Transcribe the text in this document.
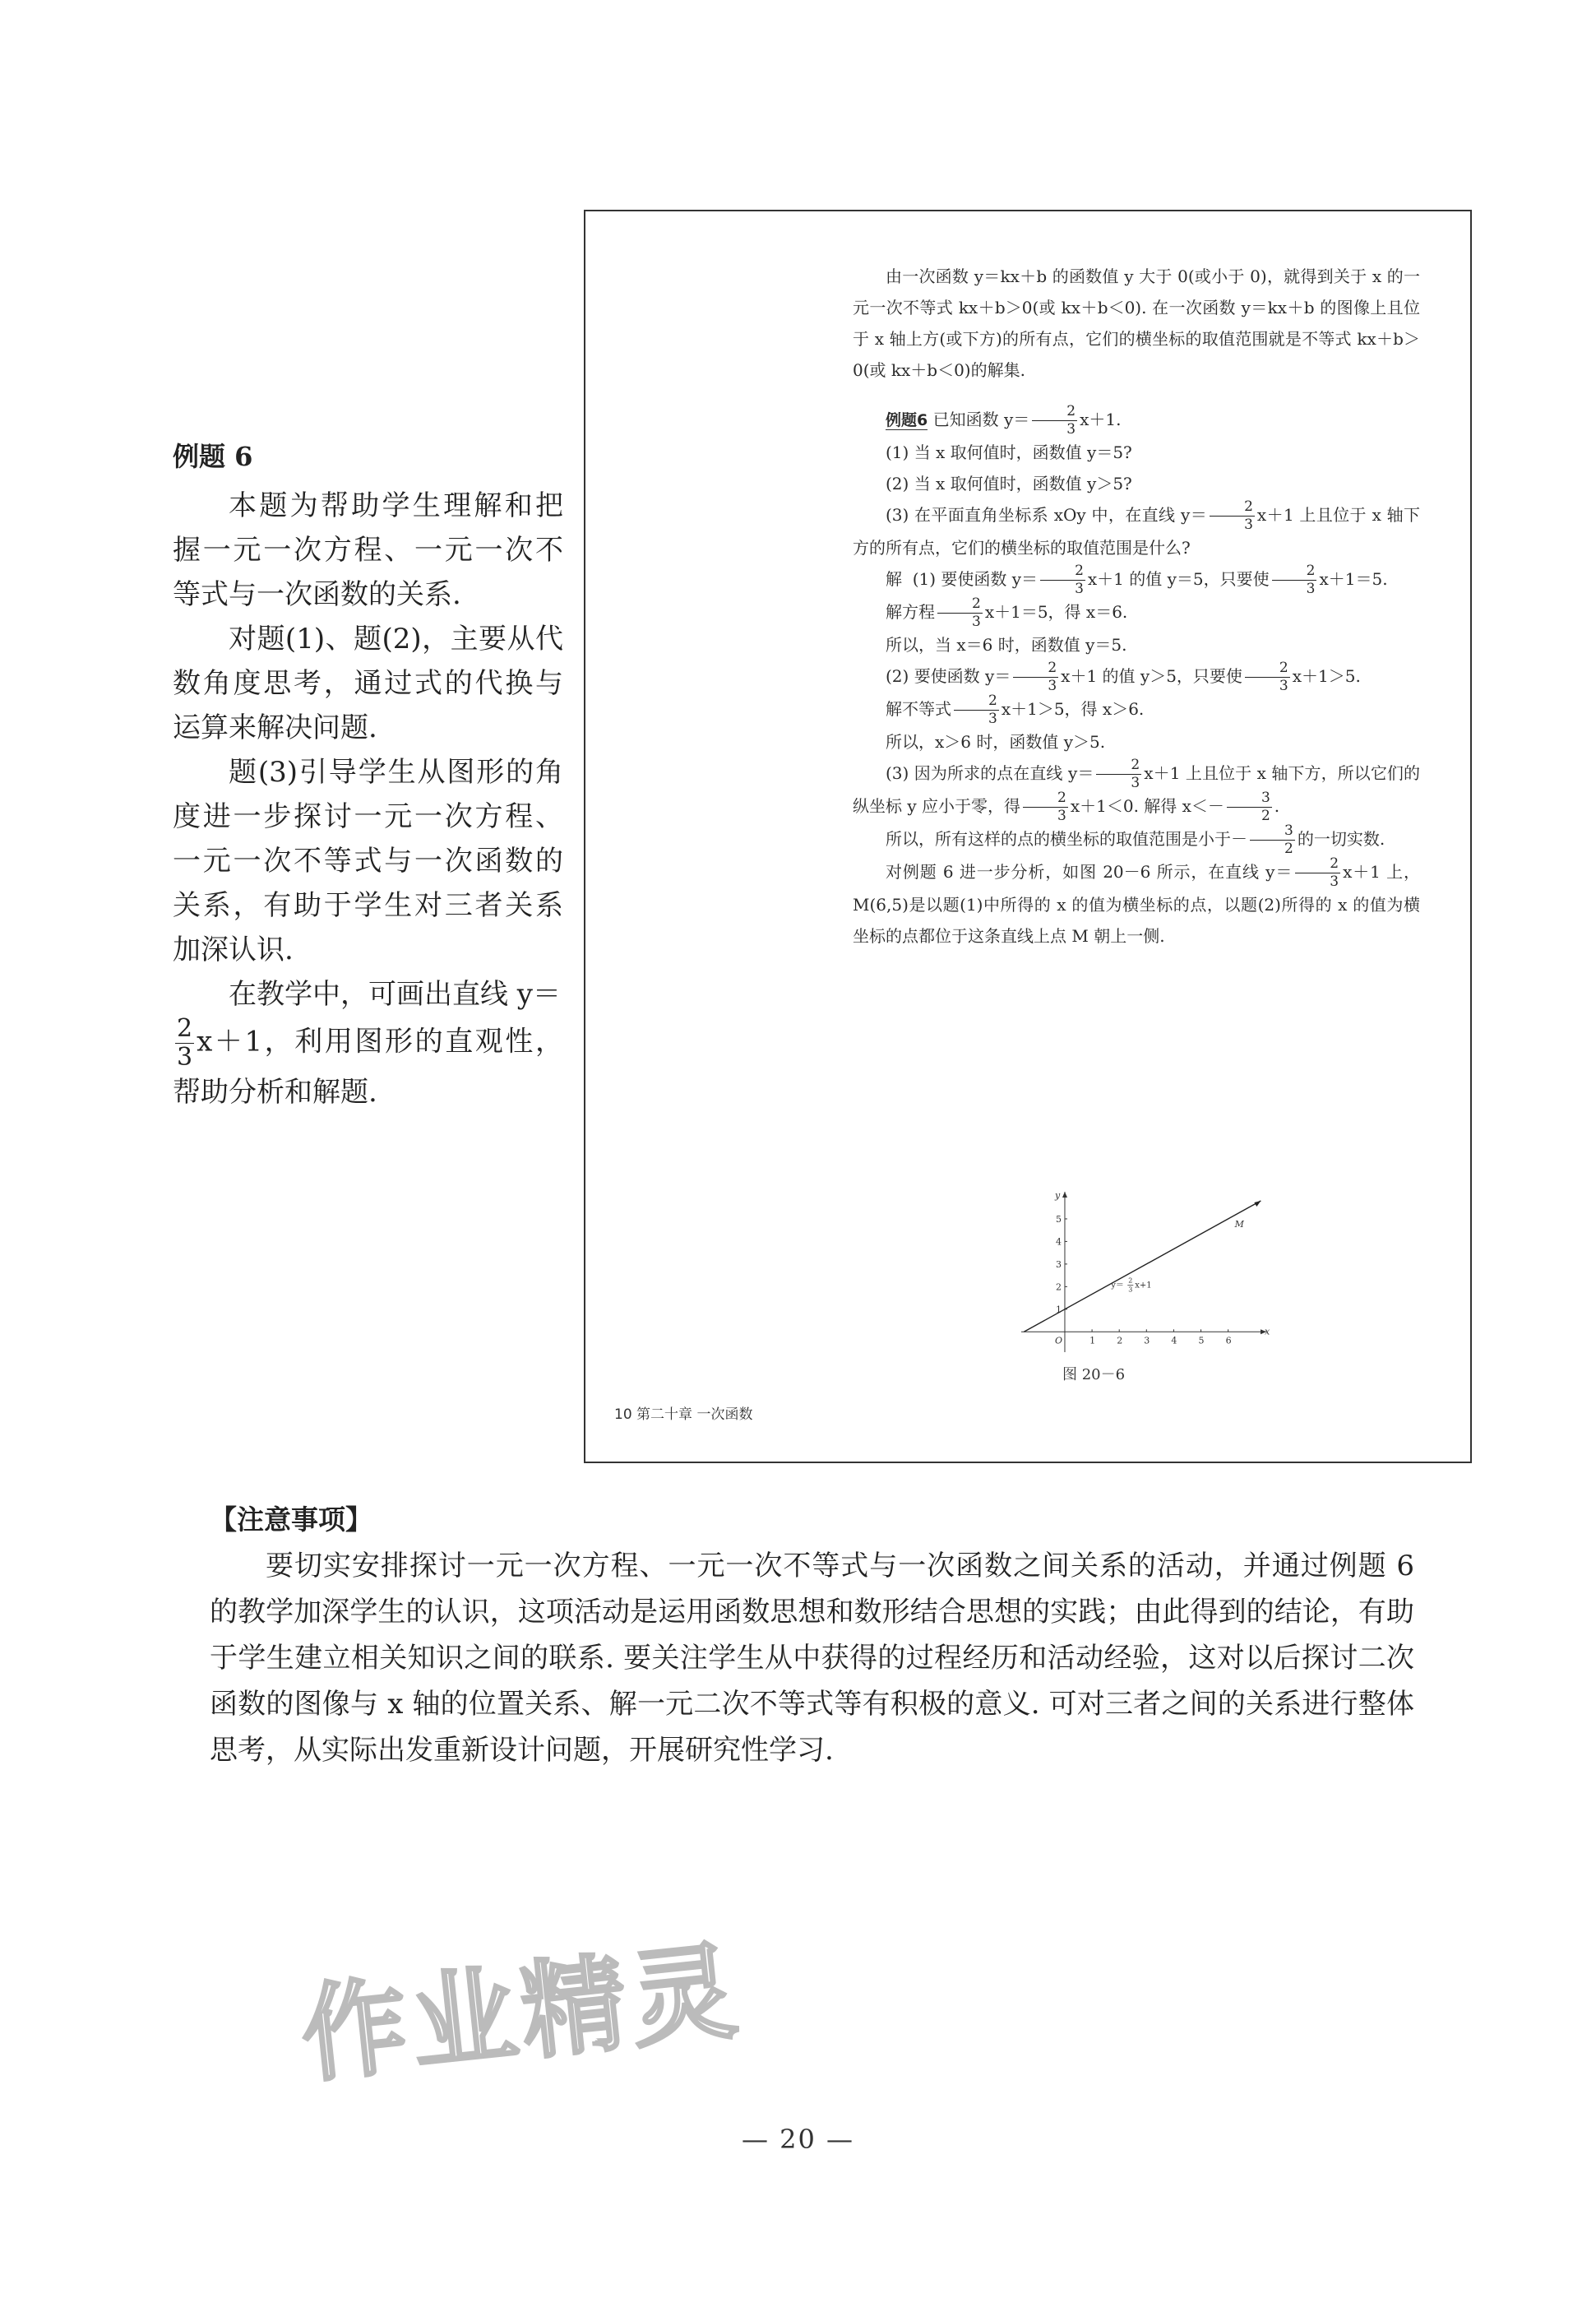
例题 6

本题为帮助学生理解和把握一元一次方程、一元一次不等式与一次函数的关系.

对题(1)、题(2)，主要从代数角度思考，通过式的代换与运算来解决问题.

题(3)引导学生从图形的角度进一步探讨一元一次方程、一元一次不等式与一次函数的关系，有助于学生对三者关系加深认识.

在教学中，可画出直线 y＝

$\frac{2}{3} x+1$，利用图形的直观性，帮助分析和解题.

由一次函数 y＝kx＋b 的函数值 y 大于 0(或小于 0)，就得到关于 x 的一元一次不等式 kx＋b＞0(或 kx＋b＜0). 在一次函数 y＝kx＋b 的图像上且位于 x 轴上方(或下方)的所有点，它们的横坐标的取值范围就是不等式 kx＋b＞0(或 kx＋b＜0)的解集.

例题6 已知函数 $y= \frac{2}{3} x+1$.

(1) 当 x 取何值时，函数值 y＝5?

(2) 当 x 取何值时，函数值 y＞5?

(3) 在平面直角坐标系 xOy 中，在直线 $y= \frac{2}{3} x+1$ 上且位于 x 轴下方的所有点，它们的横坐标的取值范围是什么?

解 (1) 要使函数 $y= \frac{2}{3} x+1$ 的值 y＝5，只要使 $\frac{2}{3} x+1=5$.

解方程 $\frac{2}{3} x+1=5$，得 x＝6.

所以，当 x＝6 时，函数值 y＝5.

(2) 要使函数 $y= \frac{2}{3} x+1$ 的值 y＞5，只要使 $\frac{2}{3} x+1>5$.

解不等式 $\frac{2}{3} x+1>5$，得 x＞6.

所以，x＞6 时，函数值 y＞5.

(3) 因为所求的点在直线 $y= \frac{2}{3} x+1$ 上且位于 x 轴下方，所以它们的纵坐标 y 应小于零，得 $\frac{2}{3} x+1<0$. 解得 $x<- \frac{3}{2}$ .

所以，所有这样的点的横坐标的取值范围是小于－ $\frac{3}{2}$ 的一切实数.

对例题 6 进一步分析，如图 20－6 所示，在直线 $y= \frac{2}{3} x+1$ 上，M(6,5)是以题(1)中所得的 x 的值为横坐标的点，以题(2)所得的 x 的值为横坐标的点都位于这条直线上点 M 朝上一侧.

x
y
O	1 2 3 4 5 6
1
2
3
4
5	M
y＝
2
3 x+1
图 20－6
10 第二十章 一次函数

【注意事项】

要切实安排探讨一元一次方程、一元一次不等式与一次函数之间关系的活动，并通过例题 6 的教学加深学生的认识，这项活动是运用函数思想和数形结合思想的实践；由此得到的结论，有助于学生建立相关知识之间的联系. 要关注学生从中获得的过程经历和活动经验，这对以后探讨二次函数的图像与 x 轴的位置关系、解一元二次不等式等有积极的意义. 可对三者之间的关系进行整体思考，从实际出发重新设计问题，开展研究性学习.

作业精灵
— 20 —
